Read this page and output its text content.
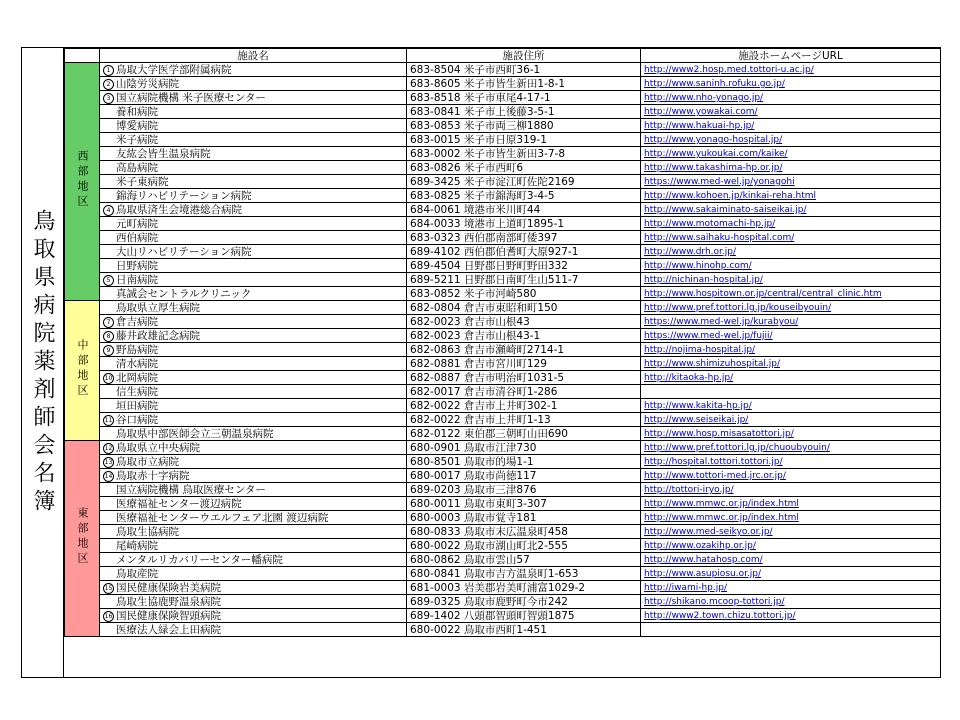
鳥取県病院薬剤師会名簿
	施設名	施設住所	施設ホームページURL
西部地区	1 鳥取大学医学部附属病院	683-8504 米子市西町36-1	http://www2.hosp.med.tottori-u.ac.jp/
	2 山陰労災病院	683-8605 米子市皆生新田1-8-1	http://www.saninh.rofuku.go.jp/
	3 国立病院機構 米子医療センター	683-8518 米子市車尾4-17-1	http://www.nho-yonago.jp/
	養和病院	683-0841 米子市上後藤3-5-1	http://www.yowakai.com/
	博愛病院	683-0853 米子市両三柳1880	http://www.hakuai-hp.jp/
	米子病院	683-0015 米子市日原319-1	http://www.yonago-hospital.jp/
	友紘会皆生温泉病院	683-0002 米子市皆生新田3-7-8	http://www.yukoukai.com/kaike/
	高島病院	683-0826 米子市西町6	http://www.takashima-hp.or.jp/
	米子東病院	689-3425 米子市淀江町佐陀2169	https://www.med-wel.jp/yonagohi
	錦海リハビリテーション病院	683-0825 米子市錦海町3-4-5	http://www.kohoen.jp/kinkai-reha.html
	4 鳥取県済生会境港総合病院	684-0061 境港市米川町44	http://www.sakaiminato-saiseikai.jp/
	元町病院	684-0033 境港市上道町1895-1	http://www.motomachi-hp.jp/
	西伯病院	683-0323 西伯郡南部町倭397	http://www.saihaku-hospital.com/
	大山リハビリテーション病院	689-4102 西伯郡伯耆町大原927-1	http://www.drh.or.jp/
	日野病院	689-4504 日野郡日野町野田332	http://www.hinohp.com/
	5 日南病院	689-5211 日野郡日南町生山511-7	http://nichinan-hospital.jp/
	真誠会セントラルクリニック	683-0852 米子市河崎580	http://www.hospitown.or.jp/central/central_clinic.htm
中部地区	鳥取県立厚生病院	682-0804 倉吉市東昭和町150	http://www.pref.tottori.lg.jp/kouseibyouin/
	7 倉吉病院	682-0023 倉吉市山根43	https://www.med-wel.jp/kurabyou/
	8 藤井政雄記念病院	682-0023 倉吉市山根43-1	https://www.med-wel.jp/fujii/
	9 野島病院	682-0863 倉吉市瀬崎町2714-1	http://nojima-hospital.jp/
	清水病院	682-0881 倉吉市宮川町129	http://www.shimizuhospital.jp/
	10 北岡病院	682-0887 倉吉市明治町1031-5	http://kitaoka-hp.jp/
	信生病院	682-0017 倉吉市清谷町1-286	
	垣田病院	682-0022 倉吉市上井町302-1	http://www.kakita-hp.jp/
	11 谷口病院	682-0022 倉吉市上井町1-13	http://www.seiseikai.jp/
	鳥取県中部医師会立三朝温泉病院	682-0122 東伯郡三朝町山田690	http://www.hosp.misasatottori.jp/
東部地区	12 鳥取県立中央病院	680-0901 鳥取市江津730	http://www.pref.tottori.lg.jp/chuoubyouin/
	13 鳥取市立病院	680-8501 鳥取市的場1-1	http://hospital.tottori.tottori.jp/
	14 鳥取赤十字病院	680-0017 鳥取市尚徳117	http://www.tottori-med.jrc.or.jp/
	国立病院機構 鳥取医療センター	689-0203 鳥取市三津876	http://tottori-iryo.jp/
	医療福祉センター渡辺病院	680-0011 鳥取市東町3-307	http://www.mmwc.or.jp/index.html
	医療福祉センターウエルフェア北園 渡辺病院	680-0003 鳥取市覚寺181	http://www.mmwc.or.jp/index.html
	鳥取生協病院	680-0833 鳥取市末広温泉町458	http://www.med-seikyo.or.jp/
	尾崎病院	680-0022 鳥取市湖山町北2-555	http://www.ozakihp.or.jp/
	メンタルリカバリーセンター幡病院	680-0862 鳥取市雲山57	http://www.hatahosp.com/
	鳥取産院	680-0841 鳥取市吉方温泉町1-653	http://www.asupiosu.or.jp/
	15 国民健康保険岩美病院	681-0003 岩美郡岩美町浦富1029-2	http://iwami-hp.jp/
	鳥取生協鹿野温泉病院	689-0325 鳥取市鹿野町今市242	http://shikano.mcoop-tottori.jp/
	16 国民健康保険智頭病院	689-1402 八頭郡智頭町智頭1875	http://www2.town.chizu.tottori.jp/
	医療法人緑会上田病院	680-0022 鳥取市西町1-451	
